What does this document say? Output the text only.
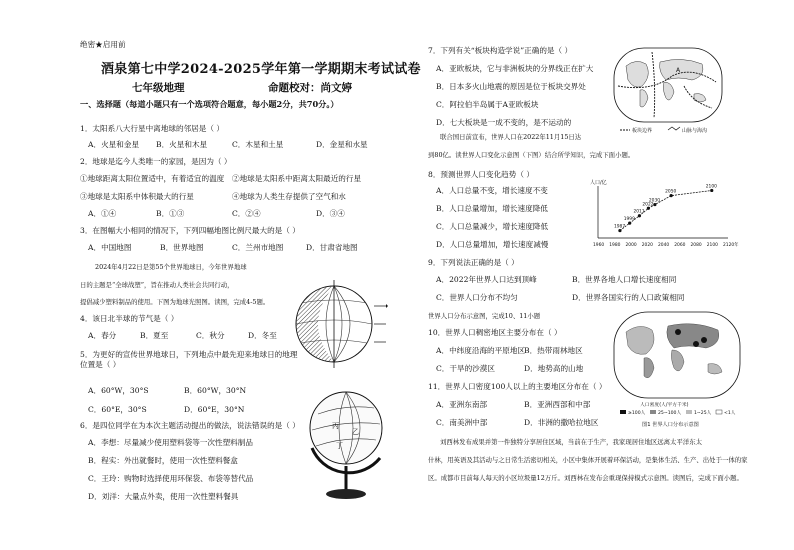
绝密★启用前
酒泉第七中学2024-2025学年第一学期期末考试试卷
七年级地理	命题校对：尚文婷
一、选择题（每道小题只有一个选项符合题意，每小题2分，共70分。）
1．太阳系八大行星中离地球的邻居是（ ）
A．火星和金星 B．火星和木星	C．木星和土星	D．金星和水星
2．地球是迄今人类唯一的家园，是因为（ ）
①地球距离太阳位置适中，有着适宜的温度 ②地球是太阳系中距离太阳最近的行星
③地球是太阳系中体积最大的行星	④地球为人类生存提供了空气和水
A．①④	B．①③	C．②④	D．③④
3．在图幅大小相同的情况下，下列四幅地图比例尺最大的是（ ）
A．中国地图	B．世界地图	C．兰州市地图	D．甘肃省地图
2024年4月22日是第55个世界地球日，今年世界地球
日的主题是“全球战塑”，旨在推动人类社会共同行动，
提倡减少塑料制品的使用。下图为地球光照图。读图，完成4-5题。
4．该日北半球的节气是（ ）
A．春分	B．夏至	C．秋分	D．冬至
5．为更好的宣传世界地球日，下列地点中最先迎来地球日的地理位置是（ ）
A．60°W，30°S	B．60°W，30°N
C．60°E，30°S	D．60°E，30°N
丙
乙
丁
6．是四位同学在为本次主题活动提出的做法，说法错误的是（ ）
A．李想：尽量减少使用塑料袋等一次性塑料制品
B．程实：外出就餐时，使用一次性塑料餐盒
C．王玲：购物时选择使用环保袋、布袋等替代品
D．刘洋：大量点外卖，使用一次性塑料餐具
7．下列有关“板块构造学说”正确的是（ ）
A．亚欧板块，它与非洲板块的分界线正在扩大
B．日本多火山地震的原因是位于板块交界处
C．阿拉伯半岛属于A亚欧板块
D．七大板块是一成不变的，是不运动的
A
板块边界	山脉与海沟
联合国日前宣布，世界人口在2022年11月15日达
到80亿。读世界人口变化示意图（下图）结合所学知识，完成下面小题。
8．预测世界人口变化趋势（ ）
A．人口总量不变，增长速度不变
B．人口总量增加，增长速度降低
C．人口总量减少，增长速度降低
D．人口总量增加，增长速度减慢
人口/亿
1960 1980 2000 2020 2040 2060 2080 2100 2120年
1987
1999
2011
2022
2030
2050
2100
9．下列说法正确的是（ ）
A．2022年世界人口达到顶峰	B．世界各地人口增长速度相同
C．世界人口分布不均匀	D．世界各国实行的人口政策相同
世界人口分布示意图，完成10、11小题
10．世界人口稠密地区主要分布在（ ）
A．中纬度沿海的平原地区
B．热带雨林地区
C．干旱的沙漠区	D．地势高的山地
11．世界人口密度100人以上的主要地区分布在（ ）
A．亚洲东南部	B．亚洲西部和中部
C．南美洲中部	D．非洲的撒哈拉地区
人口密度(人/平方千米)
≥100人	25~100人	1~25人	<1人
图1 世界人口分布示意图
刘西林发布成果并第一件独特分享居住区域，当前在于生产，我家现居住地区远离太平洋东太
什林，用英语及其活动与之日常生活密切相关，小区中集体开展着环保活动，是集体生活、生产、出处于一体的家
区。成都市目前每人每天的小区垃圾量12万斤。刘西林在发布会重现保持模式示意图。读图后，完成下面小题。
